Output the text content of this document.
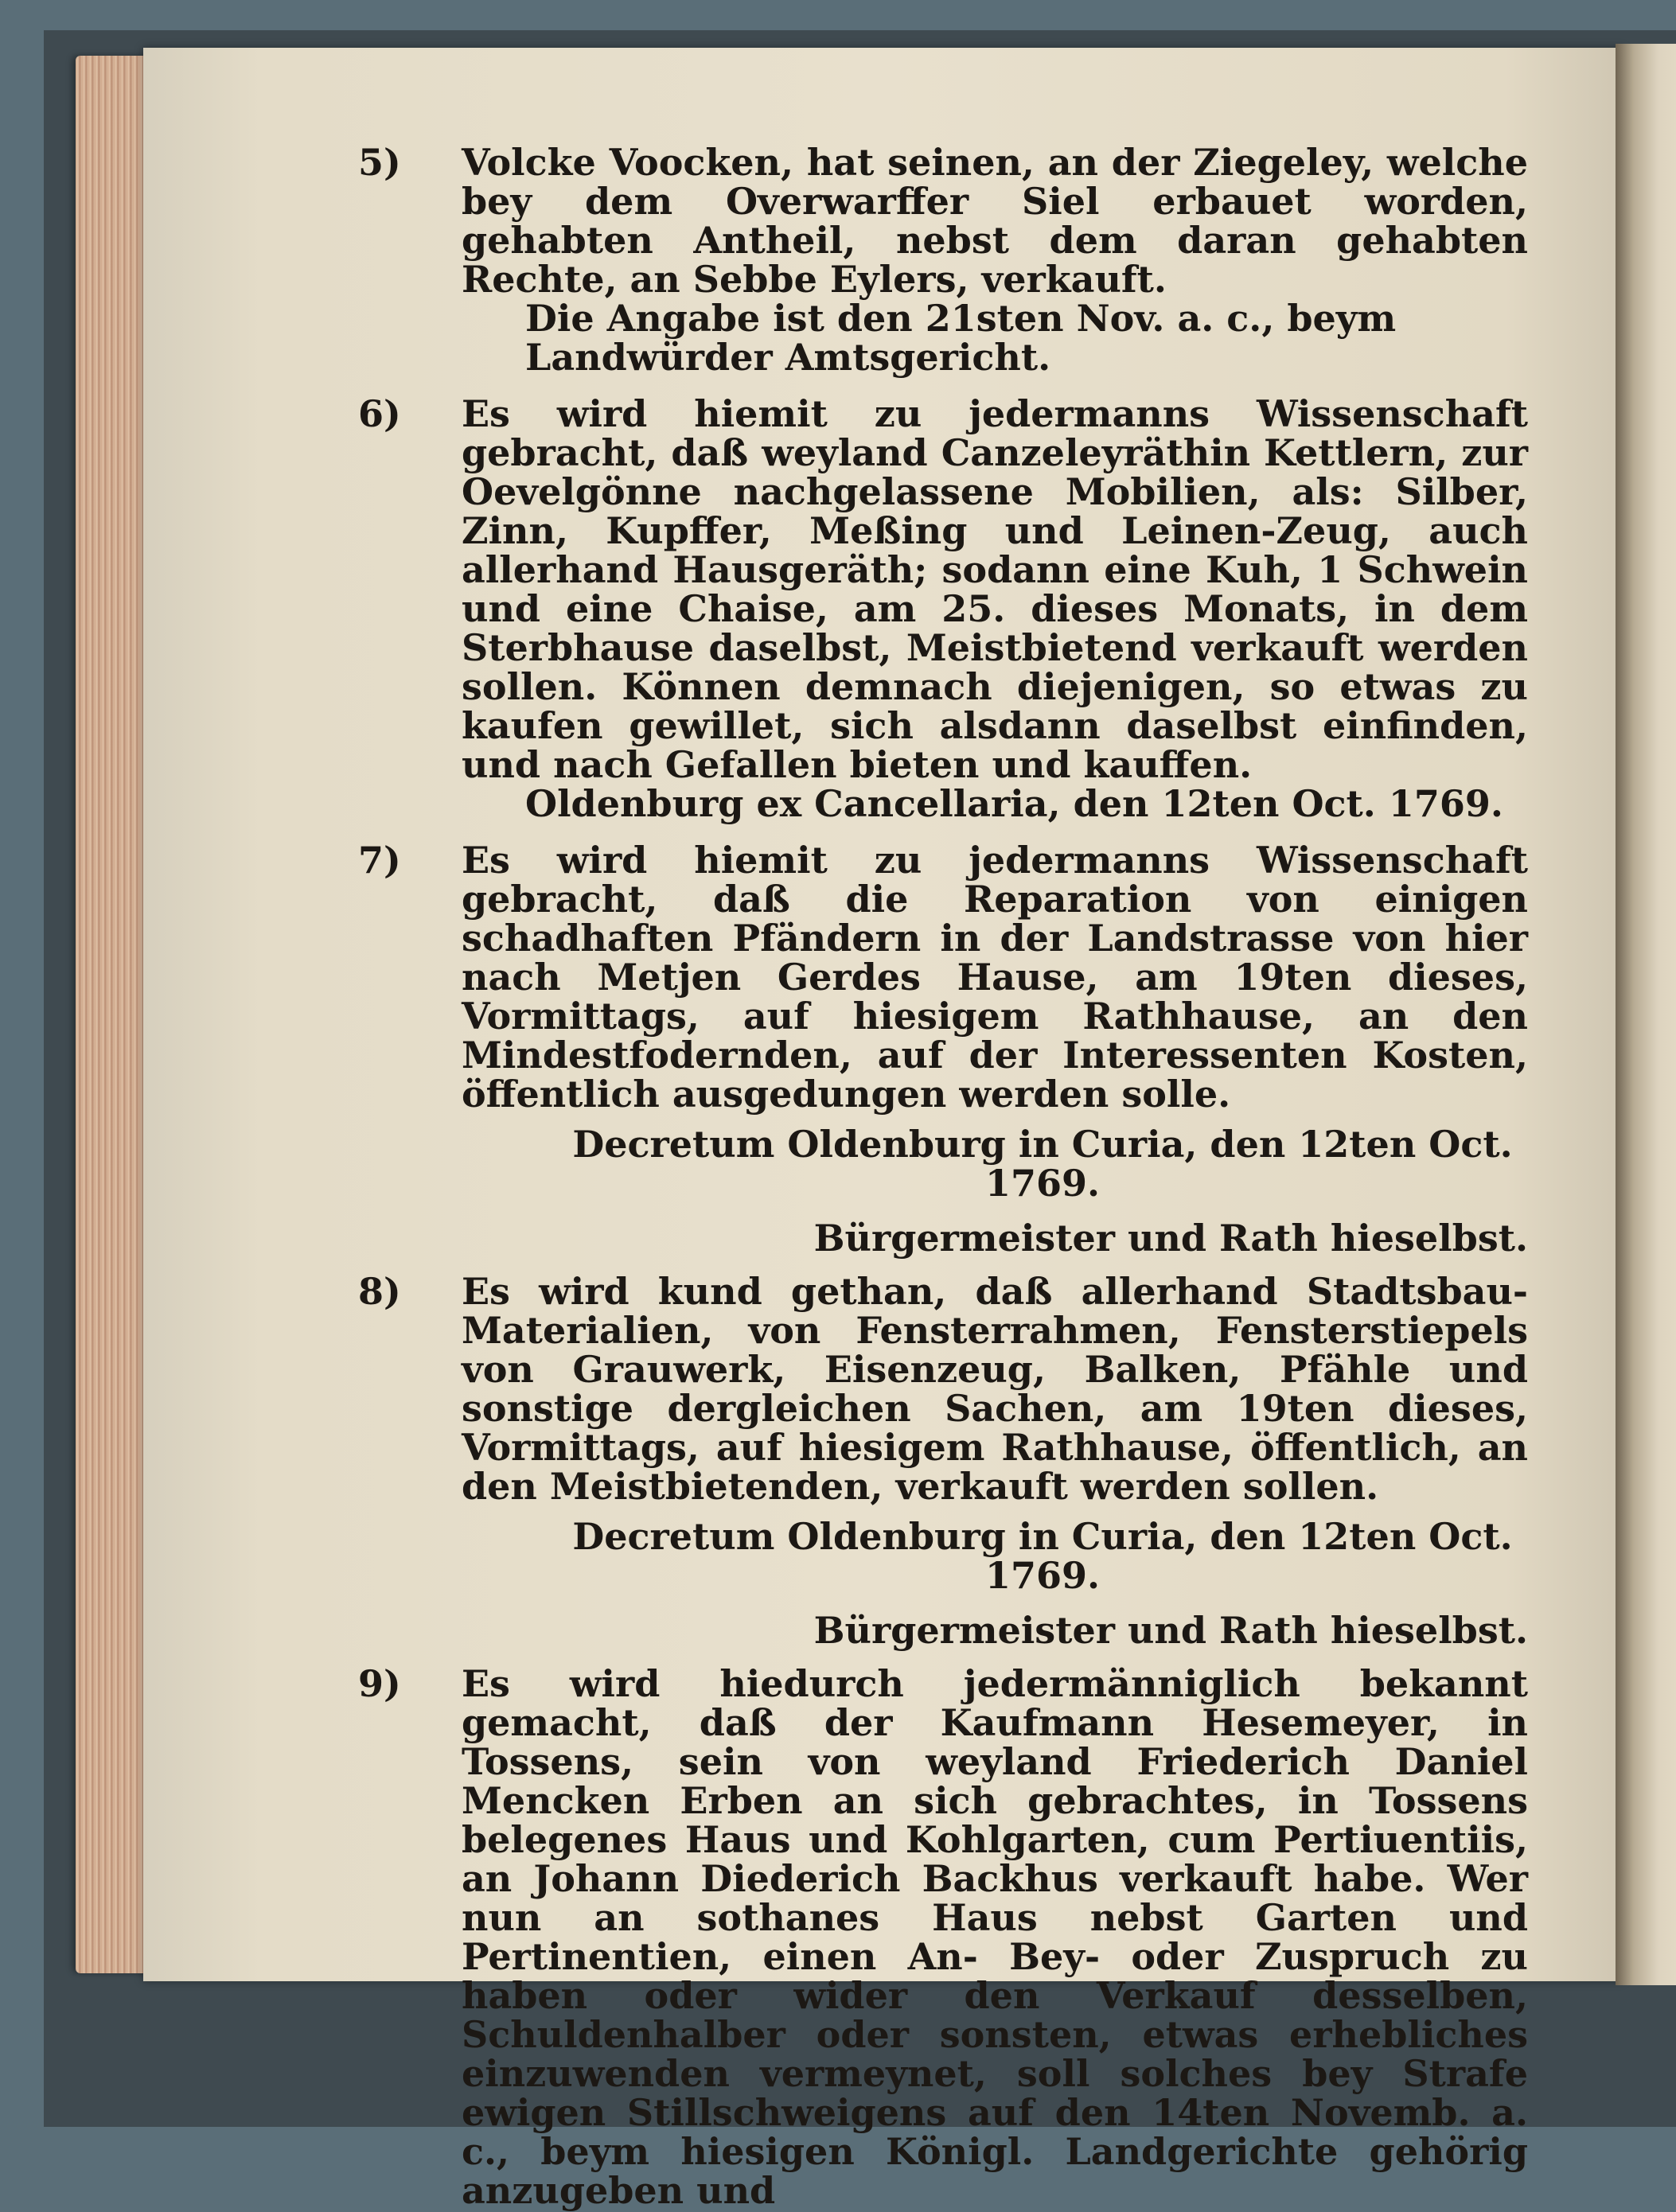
5) Volcke Voocken, hat seinen, an der Ziegeley, welche bey dem Overwarffer Siel erbauet worden, gehabten Antheil, nebst dem daran gehabten Rechte, an Sebbe Eylers, verkauft.
Die Angabe ist den 21sten Nov. a. c., beym Landwürder Amtsgericht.
6) Es wird hiemit zu jedermanns Wissenschaft gebracht, daß weyland Canzeleyräthin Kettlern, zur Oevelgönne nachgelassene Mobilien, als: Silber, Zinn, Kupffer, Meßing und Leinen-Zeug, auch allerhand Hausgeräth; sodann eine Kuh, 1 Schwein und eine Chaise, am 25. dieses Monats, in dem Sterbhause daselbst, Meistbietend verkauft werden sollen. Können demnach diejenigen, so etwas zu kaufen gewillet, sich alsdann daselbst einfinden, und nach Gefallen bieten und kauffen.
Oldenburg ex Cancellaria, den 12ten Oct. 1769.
7) Es wird hiemit zu jedermanns Wissenschaft gebracht, daß die Reparation von einigen schadhaften Pfändern in der Landstrasse von hier nach Metjen Gerdes Hause, am 19ten dieses, Vormittags, auf hiesigem Rathhause, an den Mindestfodernden, auf der Interessenten Kosten, öffentlich ausgedungen werden solle.
Decretum Oldenburg in Curia, den 12ten Oct. 1769.
Bürgermeister und Rath hieselbst.
8) Es wird kund gethan, daß allerhand Stadtsbau-Materialien, von Fensterrahmen, Fensterstiepels von Grauwerk, Eisenzeug, Balken, Pfähle und sonstige dergleichen Sachen, am 19ten dieses, Vormittags, auf hiesigem Rathhause, öffentlich, an den Meistbietenden, verkauft werden sollen.
Decretum Oldenburg in Curia, den 12ten Oct. 1769.
Bürgermeister und Rath hieselbst.
9) Es wird hiedurch jedermänniglich bekannt gemacht, daß der Kaufmann Hesemeyer, in Tossens, sein von weyland Friederich Daniel Mencken Erben an sich gebrachtes, in Tossens belegenes Haus und Kohlgarten, cum Pertiuentiis, an Johann Diederich Backhus verkauft habe. Wer nun an sothanes Haus nebst Garten und Pertinentien, einen An- Bey- oder Zuspruch zu haben oder wider den Verkauf desselben, Schuldenhalber oder sonsten, etwas erhebliches einzuwenden vermeynet, soll solches bey Strafe ewigen Stillschweigens auf den 14ten Novemb. a. c., beym hiesigen Königl. Landgerichte gehörig anzugeben und
